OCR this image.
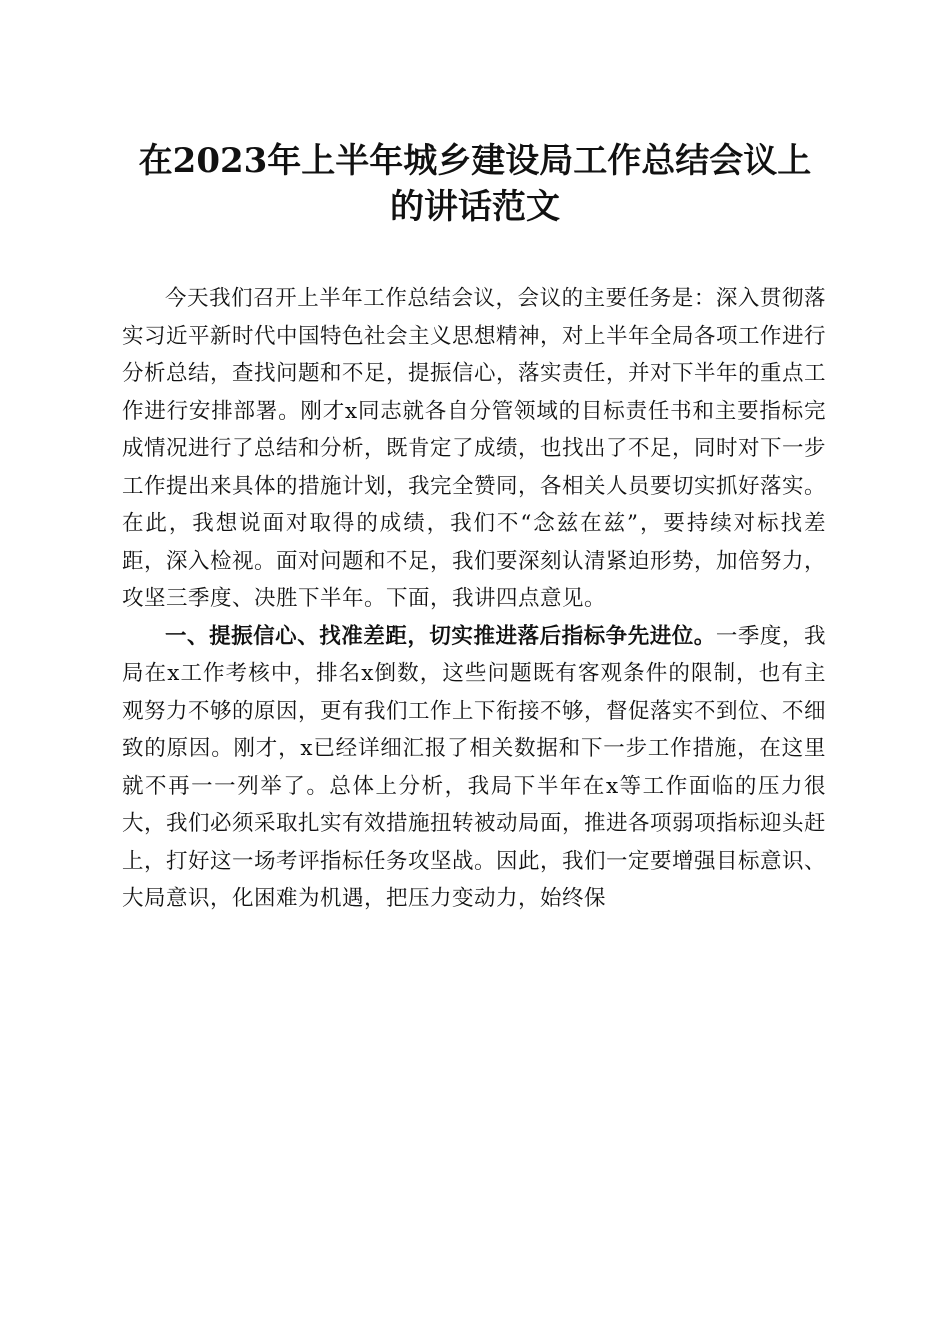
在2023年上半年城乡建设局工作总结会议上
的讲话范文

今天我们召开上半年工作总结会议，会议的主要任务是：深入贯彻落实习近平新时代中国特色社会主义思想精神，对上半年全局各项工作进行分析总结，查找问题和不足，提振信心，落实责任，并对下半年的重点工作进行安排部署。刚才x同志就各自分管领域的目标责任书和主要指标完成情况进行了总结和分析，既肯定了成绩，也找出了不足，同时对下一步工作提出来具体的措施计划，我完全赞同，各相关人员要切实抓好落实。在此，我想说面对取得的成绩，我们不“念兹在兹”，要持续对标找差距，深入检视。面对问题和不足，我们要深刻认清紧迫形势，加倍努力，攻坚三季度、决胜下半年。下面，我讲四点意见。

一、提振信心、找准差距，切实推进落后指标争先进位。一季度，我局在x工作考核中，排名x倒数，这些问题既有客观条件的限制，也有主观努力不够的原因，更有我们工作上下衔接不够，督促落实不到位、不细致的原因。刚才，x已经详细汇报了相关数据和下一步工作措施，在这里就不再一一列举了。总体上分析，我局下半年在x等工作面临的压力很大，我们必须采取扎实有效措施扭转被动局面，推进各项弱项指标迎头赶上，打好这一场考评指标任务攻坚战。因此，我们一定要增强目标意识、大局意识，化困难为机遇，把压力变动力，始终保
